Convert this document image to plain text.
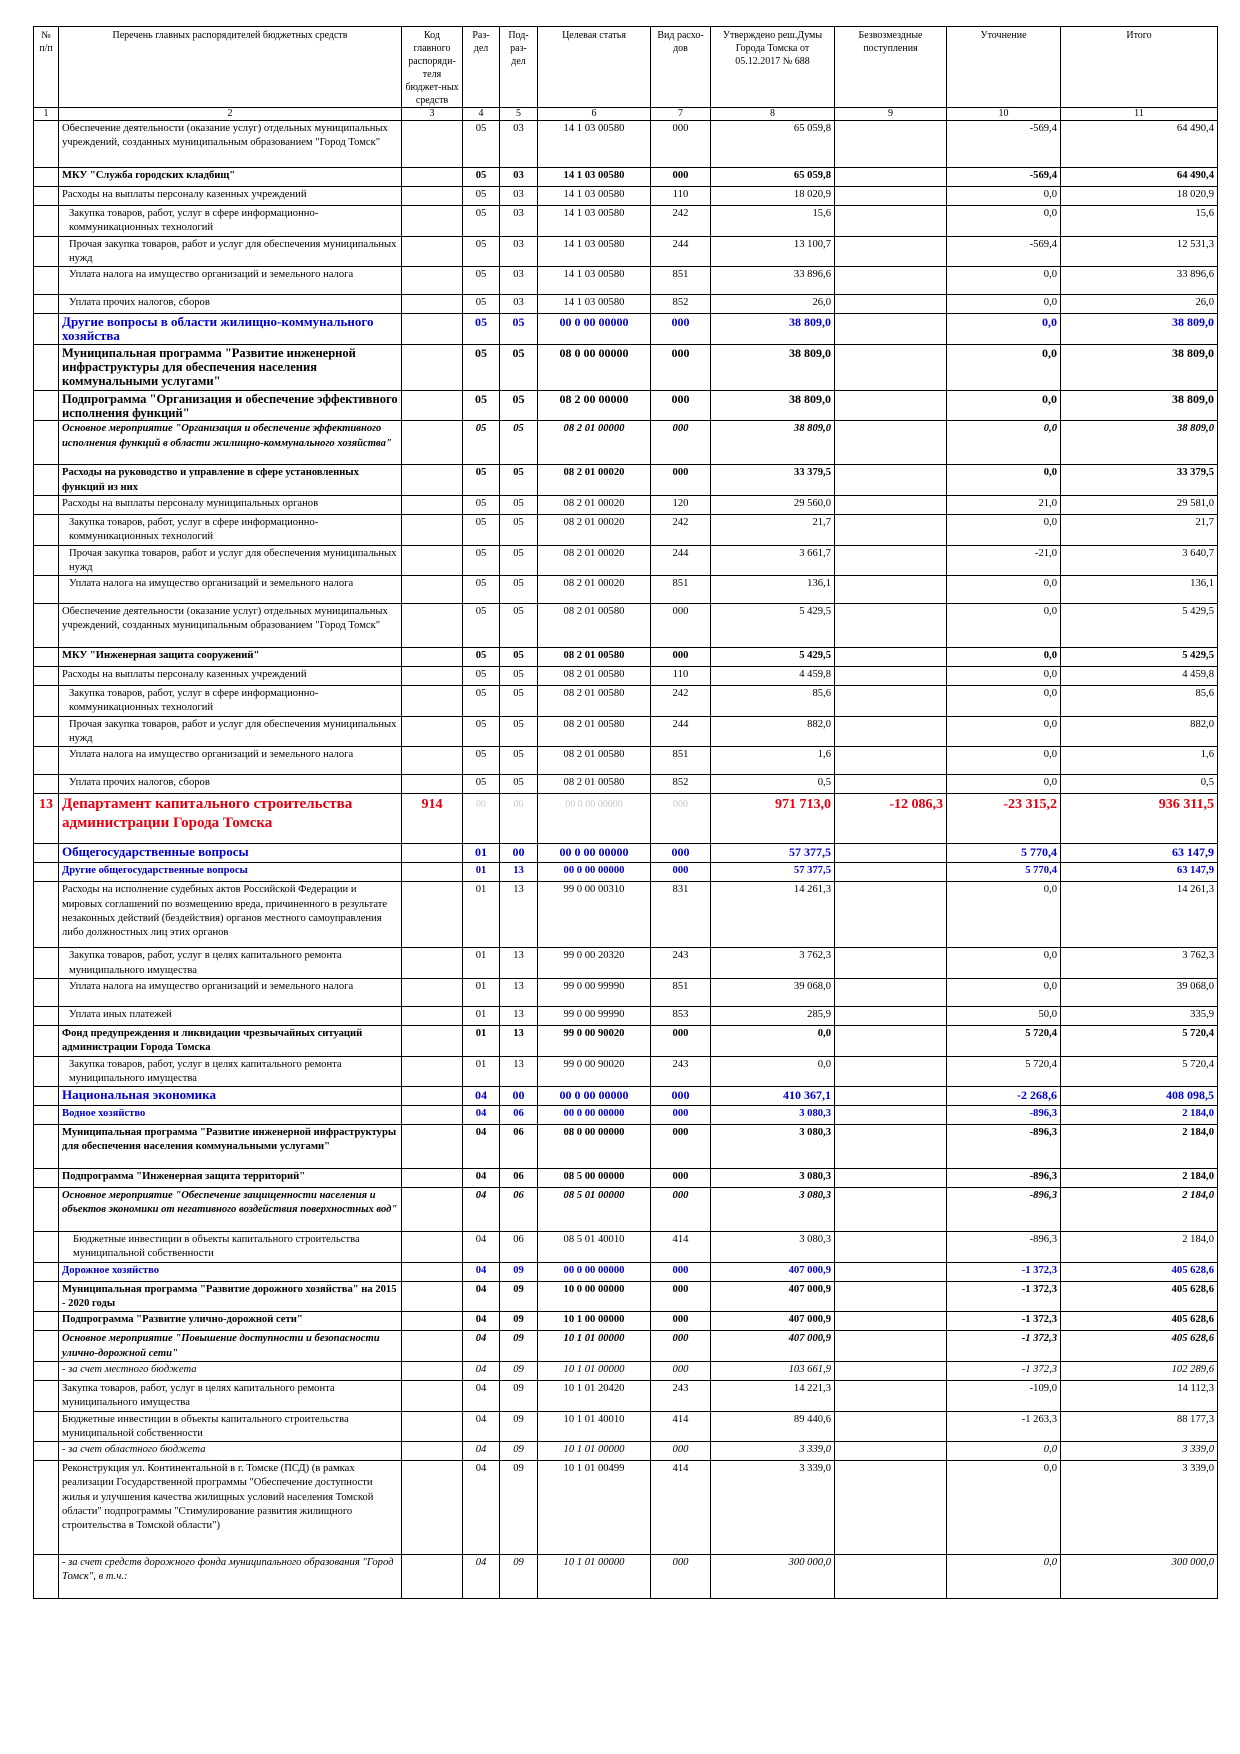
№ п/п	Перечень главных распорядителей бюджетных средств	Код главного распоряди-теля бюджет-ных средств	Раз-дел	Под-раз-дел	Целевая статья	Вид расхо-дов	Утверждено реш.Думы Города Томска от 05.12.2017 № 688	Безвозмездные поступления	Уточнение	Итого
1	2	3	4	5	6	7	8	9	10	11
	Обеспечение деятельности (оказание услуг) отдельных муниципальных учреждений, созданных муниципальным образованием "Город Томск"		05	03	14 1 03 00580	000	65 059,8		-569,4	64 490,4
	МКУ "Служба городских кладбищ"		05	03	14 1 03 00580	000	65 059,8		-569,4	64 490,4
	Расходы на выплаты персоналу казенных учреждений		05	03	14 1 03 00580	110	18 020,9		0,0	18 020,9
	Закупка товаров, работ, услуг в сфере информационно-коммуникационных технологий		05	03	14 1 03 00580	242	15,6		0,0	15,6
	Прочая закупка товаров, работ и услуг для обеспечения муниципальных нужд		05	03	14 1 03 00580	244	13 100,7		-569,4	12 531,3
	Уплата налога на имущество организаций и земельного налога		05	03	14 1 03 00580	851	33 896,6		0,0	33 896,6
	Уплата прочих налогов, сборов		05	03	14 1 03 00580	852	26,0		0,0	26,0
	Другие вопросы в области жилищно-коммунального хозяйства		05	05	00 0 00 00000	000	38 809,0		0,0	38 809,0
	Муниципальная программа "Развитие инженерной инфраструктуры для обеспечения населения коммунальными услугами"		05	05	08 0 00 00000	000	38 809,0		0,0	38 809,0
	Подпрограмма "Организация и обеспечение эффективного исполнения функций"		05	05	08 2 00 00000	000	38 809,0		0,0	38 809,0
	Основное мероприятие "Организация и обеспечение эффективного исполнения функций в области жилищно-коммунального хозяйства"		05	05	08 2 01 00000	000	38 809,0		0,0	38 809,0
	Расходы на руководство и управление в сфере установленных функций из них		05	05	08 2 01 00020	000	33 379,5		0,0	33 379,5
	Расходы на выплаты персоналу муниципальных органов		05	05	08 2 01 00020	120	29 560,0		21,0	29 581,0
	Закупка товаров, работ, услуг в сфере информационно-коммуникационных технологий		05	05	08 2 01 00020	242	21,7		0,0	21,7
	Прочая закупка товаров, работ и услуг для обеспечения муниципальных нужд		05	05	08 2 01 00020	244	3 661,7		-21,0	3 640,7
	Уплата налога на имущество организаций и земельного налога		05	05	08 2 01 00020	851	136,1		0,0	136,1
	Обеспечение деятельности (оказание услуг) отдельных муниципальных учреждений, созданных муниципальным образованием "Город Томск"		05	05	08 2 01 00580	000	5 429,5		0,0	5 429,5
	МКУ "Инженерная защита сооружений"		05	05	08 2 01 00580	000	5 429,5		0,0	5 429,5
	Расходы на выплаты персоналу казенных учреждений		05	05	08 2 01 00580	110	4 459,8		0,0	4 459,8
	Закупка товаров, работ, услуг в сфере информационно-коммуникационных технологий		05	05	08 2 01 00580	242	85,6		0,0	85,6
	Прочая закупка товаров, работ и услуг для обеспечения муниципальных нужд		05	05	08 2 01 00580	244	882,0		0,0	882,0
	Уплата налога на имущество организаций и земельного налога		05	05	08 2 01 00580	851	1,6		0,0	1,6
	Уплата прочих налогов, сборов		05	05	08 2 01 00580	852	0,5		0,0	0,5
13	Департамент капитального строительства администрации Города Томска	914	00	00	00 0 00 00000	000	971 713,0	-12 086,3	-23 315,2	936 311,5
	Общегосударственные вопросы		01	00	00 0 00 00000	000	57 377,5		5 770,4	63 147,9
	Другие общегосударственные вопросы		01	13	00 0 00 00000	000	57 377,5		5 770,4	63 147,9
	Расходы на исполнение судебных актов Российской Федерации и мировых соглашений по возмещению вреда, причиненного в результате незаконных действий (бездействия) органов местного самоуправления либо должностных лиц этих органов		01	13	99 0 00 00310	831	14 261,3		0,0	14 261,3
	Закупка товаров, работ, услуг в целях капитального ремонта муниципального имущества		01	13	99 0 00 20320	243	3 762,3		0,0	3 762,3
	Уплата налога на имущество организаций и земельного налога		01	13	99 0 00 99990	851	39 068,0		0,0	39 068,0
	Уплата иных платежей		01	13	99 0 00 99990	853	285,9		50,0	335,9
	Фонд предупреждения и ликвидации чрезвычайных ситуаций администрации Города Томска		01	13	99 0 00 90020	000	0,0		5 720,4	5 720,4
	Закупка товаров, работ, услуг в целях капитального ремонта муниципального имущества		01	13	99 0 00 90020	243	0,0		5 720,4	5 720,4
	Национальная экономика		04	00	00 0 00 00000	000	410 367,1		-2 268,6	408 098,5
	Водное хозяйство		04	06	00 0 00 00000	000	3 080,3		-896,3	2 184,0
	Муниципальная программа "Развитие инженерной инфраструктуры для обеспечения населения коммунальными услугами"		04	06	08 0 00 00000	000	3 080,3		-896,3	2 184,0
	Подпрограмма "Инженерная защита территорий"		04	06	08 5 00 00000	000	3 080,3		-896,3	2 184,0
	Основное мероприятие "Обеспечение защищенности населения и объектов экономики от негативного воздействия поверхностных вод"		04	06	08 5 01 00000	000	3 080,3		-896,3	2 184,0
	Бюджетные инвестиции в объекты капитального строительства муниципальной собственности		04	06	08 5 01 40010	414	3 080,3		-896,3	2 184,0
	Дорожное хозяйство		04	09	00 0 00 00000	000	407 000,9		-1 372,3	405 628,6
	Муниципальная программа "Развитие дорожного хозяйства" на 2015 - 2020 годы		04	09	10 0 00 00000	000	407 000,9		-1 372,3	405 628,6
	Подпрограмма "Развитие улично-дорожной сети"		04	09	10 1 00 00000	000	407 000,9		-1 372,3	405 628,6
	Основное мероприятие "Повышение доступности и безопасности улично-дорожной сети"		04	09	10 1 01 00000	000	407 000,9		-1 372,3	405 628,6
	- за счет местного бюджета		04	09	10 1 01 00000	000	103 661,9		-1 372,3	102 289,6
	Закупка товаров, работ, услуг в целях капитального ремонта муниципального имущества		04	09	10 1 01 20420	243	14 221,3		-109,0	14 112,3
	Бюджетные инвестиции в объекты капитального строительства муниципальной собственности		04	09	10 1 01 40010	414	89 440,6		-1 263,3	88 177,3
	- за счет областного бюджета		04	09	10 1 01 00000	000	3 339,0		0,0	3 339,0
	Реконструкция ул. Континентальной в г. Томске (ПСД) (в рамках реализации Государственной программы "Обеспечение доступности жилья и улучшения качества жилищных условий населения Томской области" подпрограммы "Стимулирование развития жилищного строительства в Томской области")		04	09	10 1 01 00499	414	3 339,0		0,0	3 339,0
	- за счет средств дорожного фонда муниципального образования "Город Томск", в т.ч.:		04	09	10 1 01 00000	000	300 000,0		0,0	300 000,0
